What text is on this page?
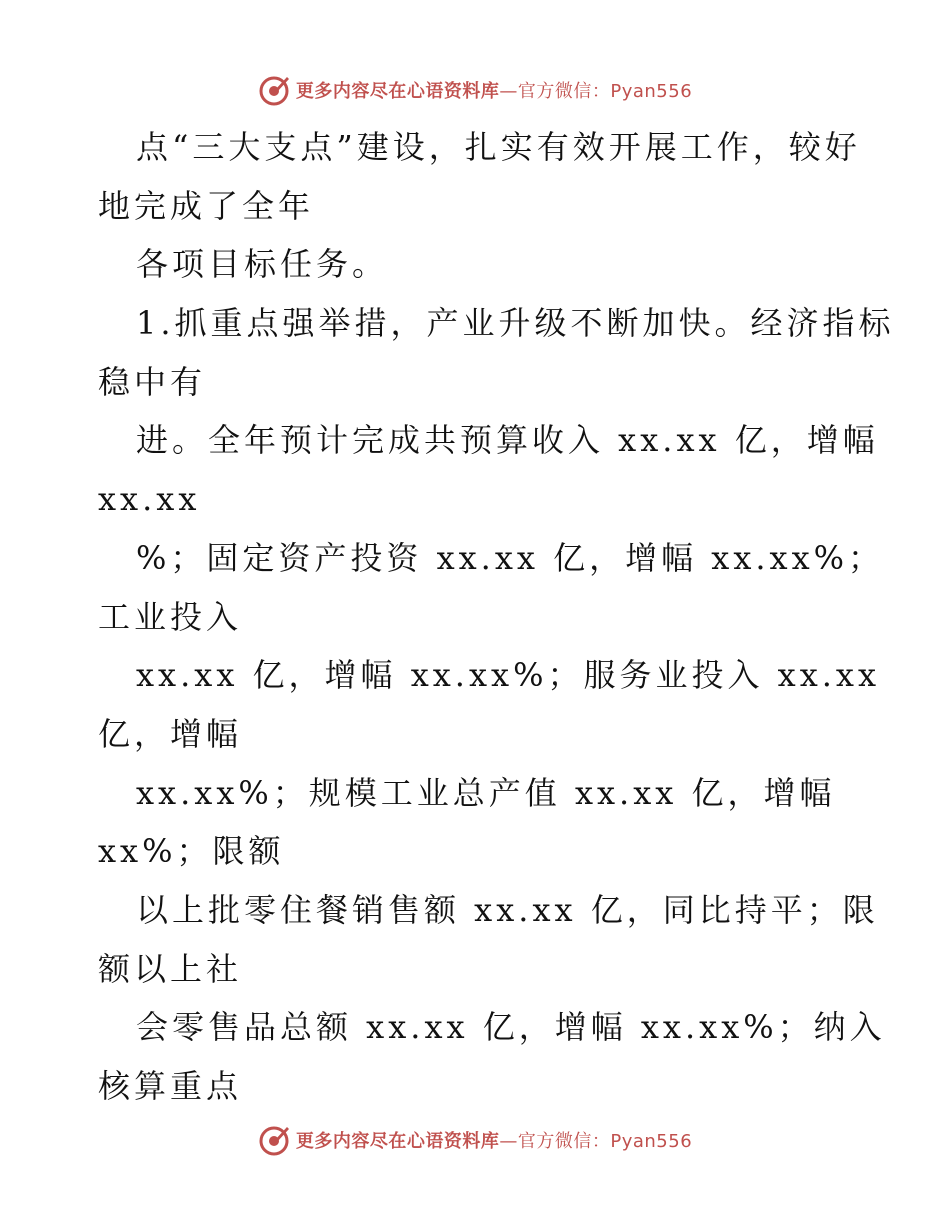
更多内容尽在心语资料库—官方微信：Pyan556
点“三大支点”建设，扎实有效开展工作，较好
地完成了全年
各项目标任务。
1.抓重点强举措，产业升级不断加快。经济指标
稳中有
进。全年预计完成共预算收入 xx.xx 亿，增幅
xx.xx
%；固定资产投资 xx.xx 亿，增幅 xx.xx%；
工业投入
xx.xx 亿，增幅 xx.xx%；服务业投入 xx.xx
亿，增幅
xx.xx%；规模工业总产值 xx.xx 亿，增幅
xx%；限额
以上批零住餐销售额 xx.xx 亿，同比持平；限
额以上社
会零售品总额 xx.xx 亿，增幅 xx.xx%；纳入
核算重点
更多内容尽在心语资料库—官方微信：Pyan556
